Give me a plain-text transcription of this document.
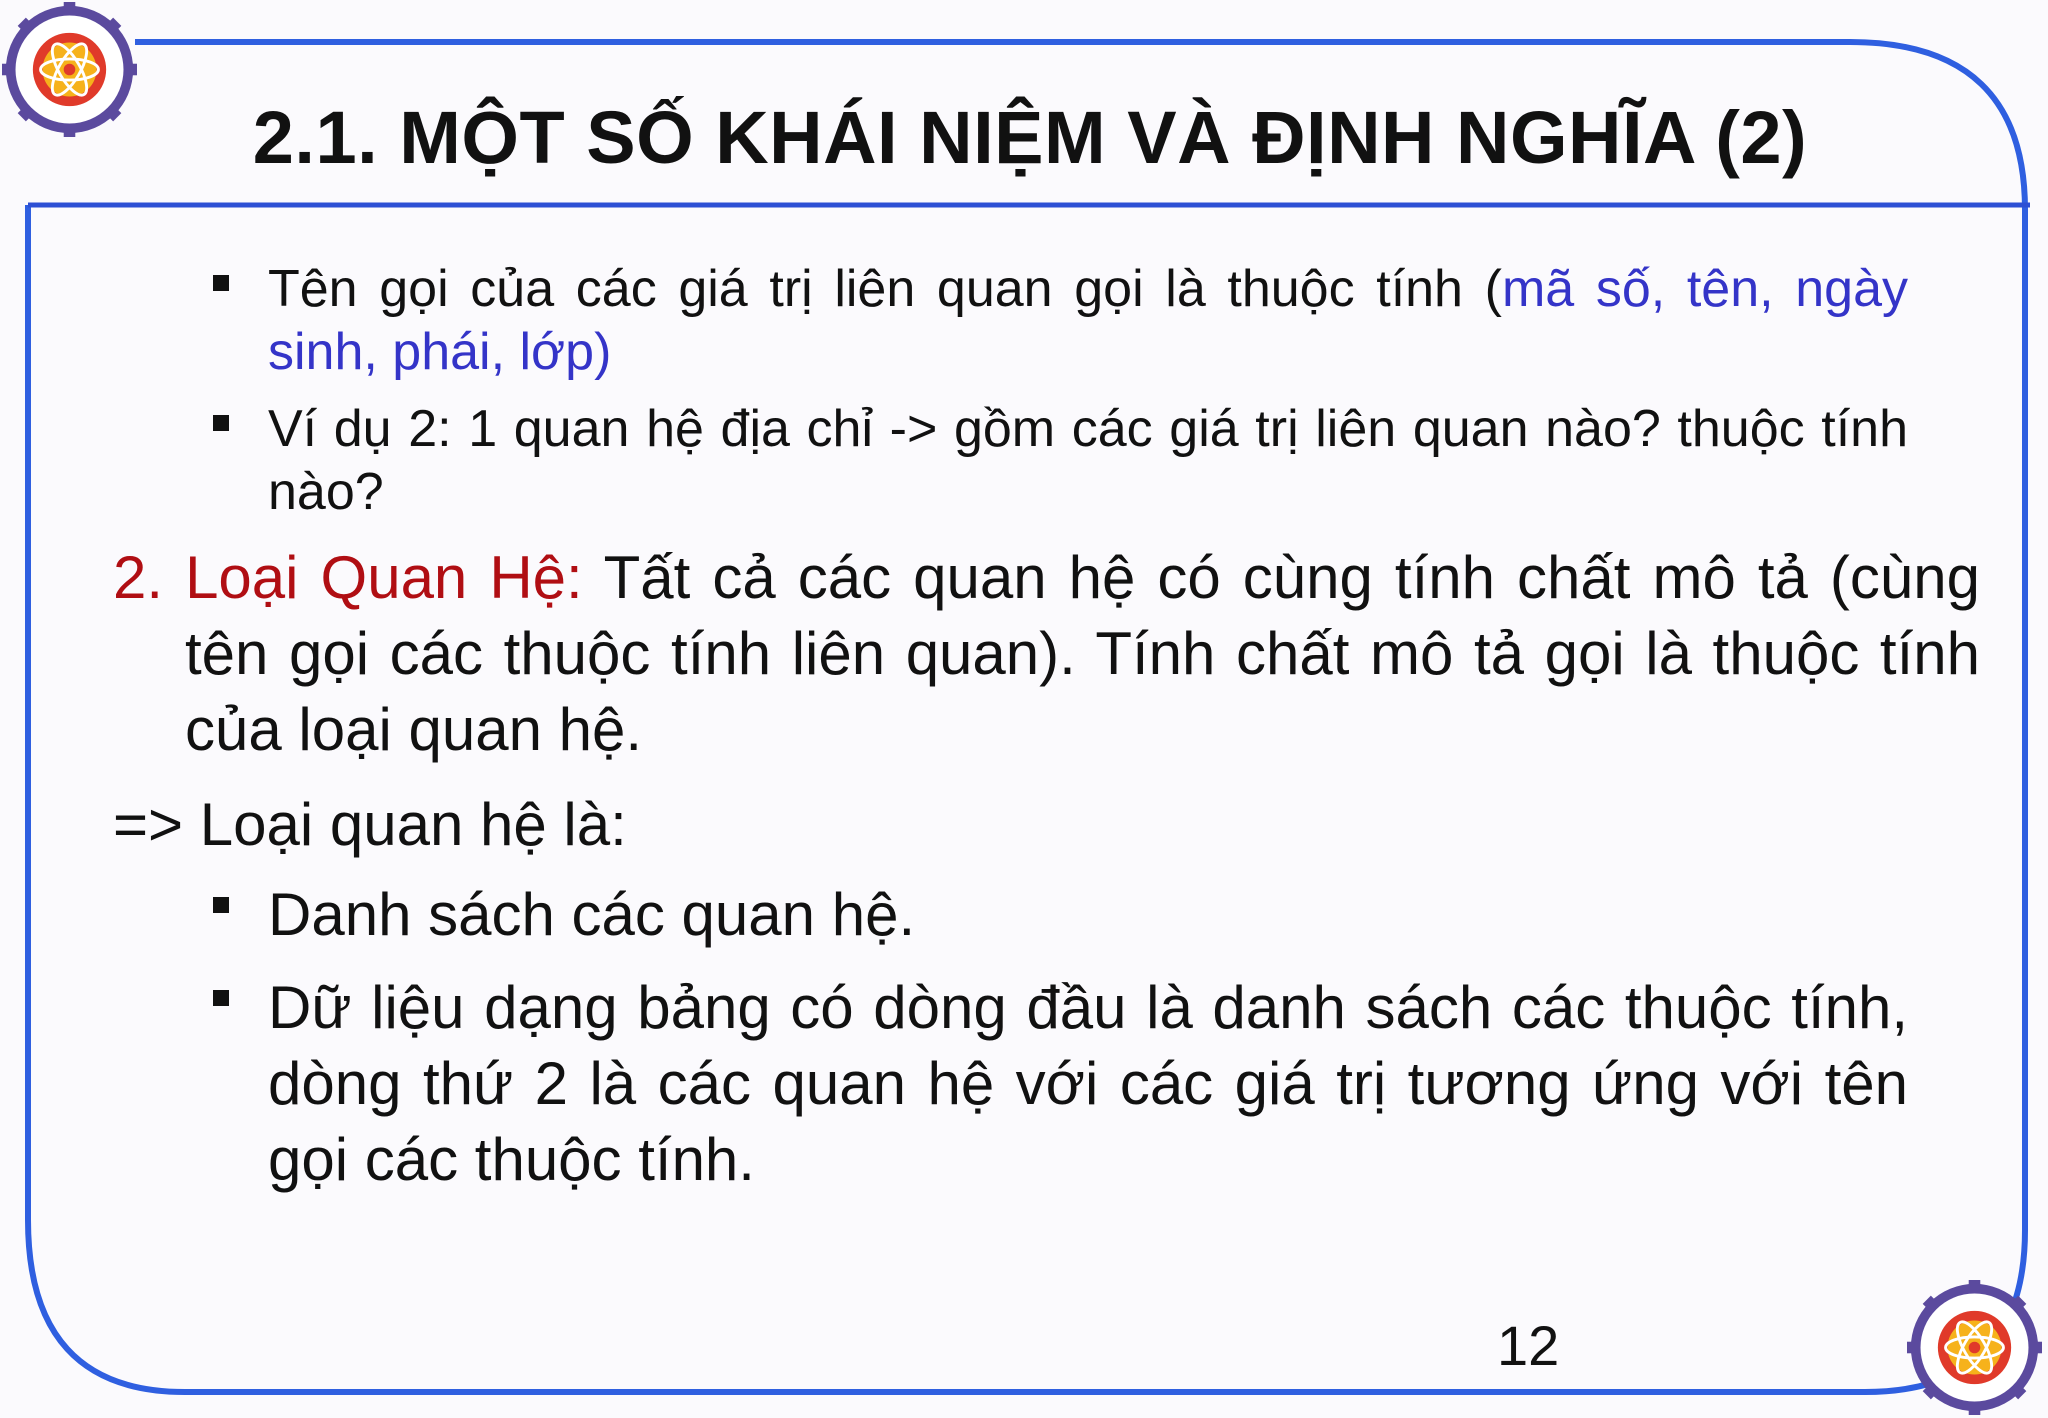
2.1. MỘT SỐ KHÁI NIỆM VÀ ĐỊNH NGHĨA (2)
Tên gọi của các giá trị liên quan gọi là thuộc tính (mã số, tên, ngày sinh, phái, lớp)
Ví dụ 2: 1 quan hệ địa chỉ -> gồm các giá trị liên quan nào? thuộc tính nào?
2. Loại Quan Hệ: Tất cả các quan hệ có cùng tính chất mô tả (cùng tên gọi các thuộc tính liên quan). Tính chất mô tả gọi là thuộc tính của loại quan hệ.
=> Loại quan hệ là:
Danh sách các quan hệ.
Dữ liệu dạng bảng có dòng đầu là danh sách các thuộc tính, dòng thứ 2 là các quan hệ với các giá trị tương ứng với tên gọi các thuộc tính.
12
